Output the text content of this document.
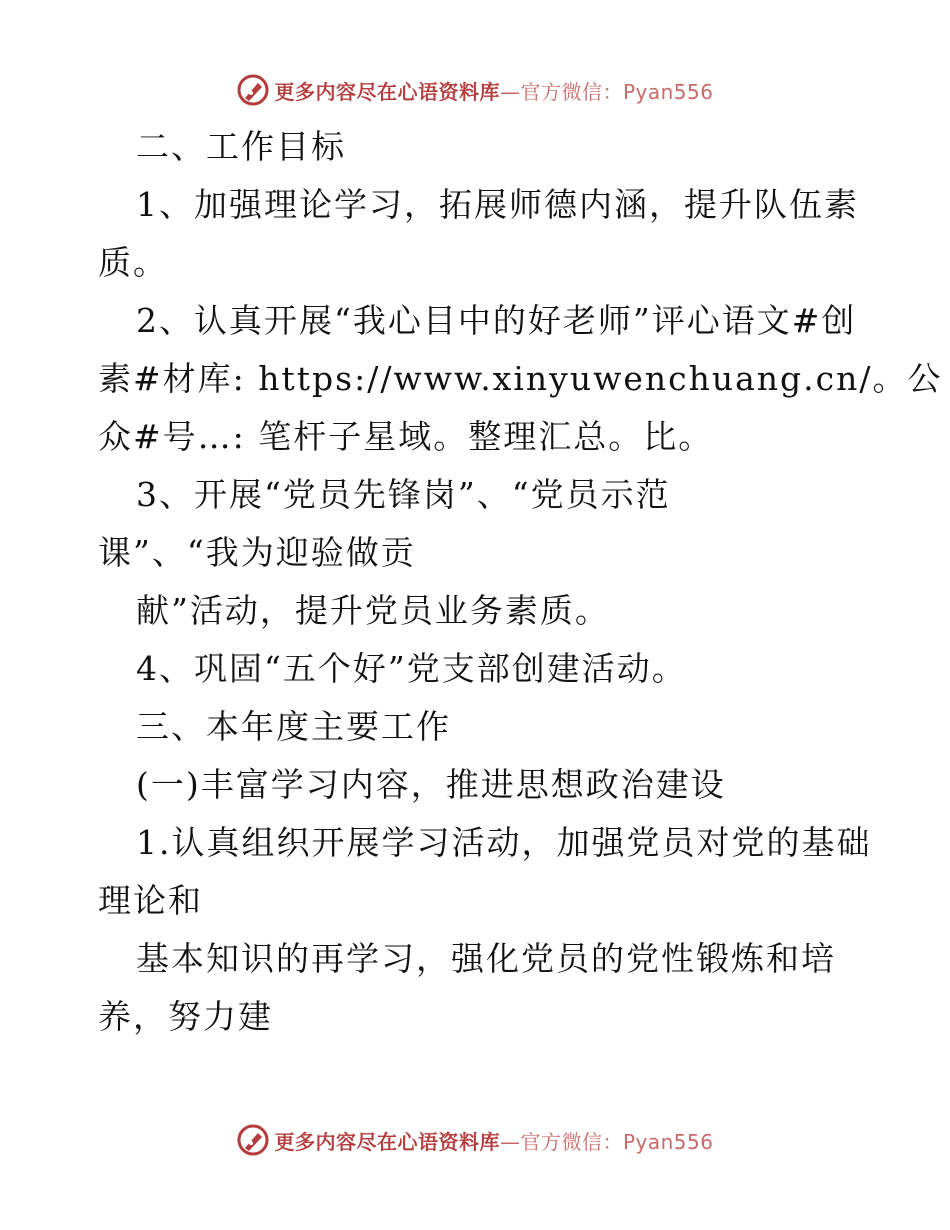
更多内容尽在心语资料库—官方微信：Pyan556
二、工作目标
1、加强理论学习，拓展师德内涵，提升队伍素
质。
2、认真开展“我心目中的好老师”评心语文#创
素#材库: https://www.xinyuwenchuang.cn/。公
众#号…: 笔杆子星域。整理汇总。比。
3、开展“党员先锋岗”、“党员示范
课”、“我为迎验做贡
献”活动，提升党员业务素质。
4、巩固“五个好”党支部创建活动。
三、本年度主要工作
(一)丰富学习内容，推进思想政治建设
1.认真组织开展学习活动，加强党员对党的基础
理论和
基本知识的再学习，强化党员的党性锻炼和培
养，努力建
更多内容尽在心语资料库—官方微信：Pyan556
